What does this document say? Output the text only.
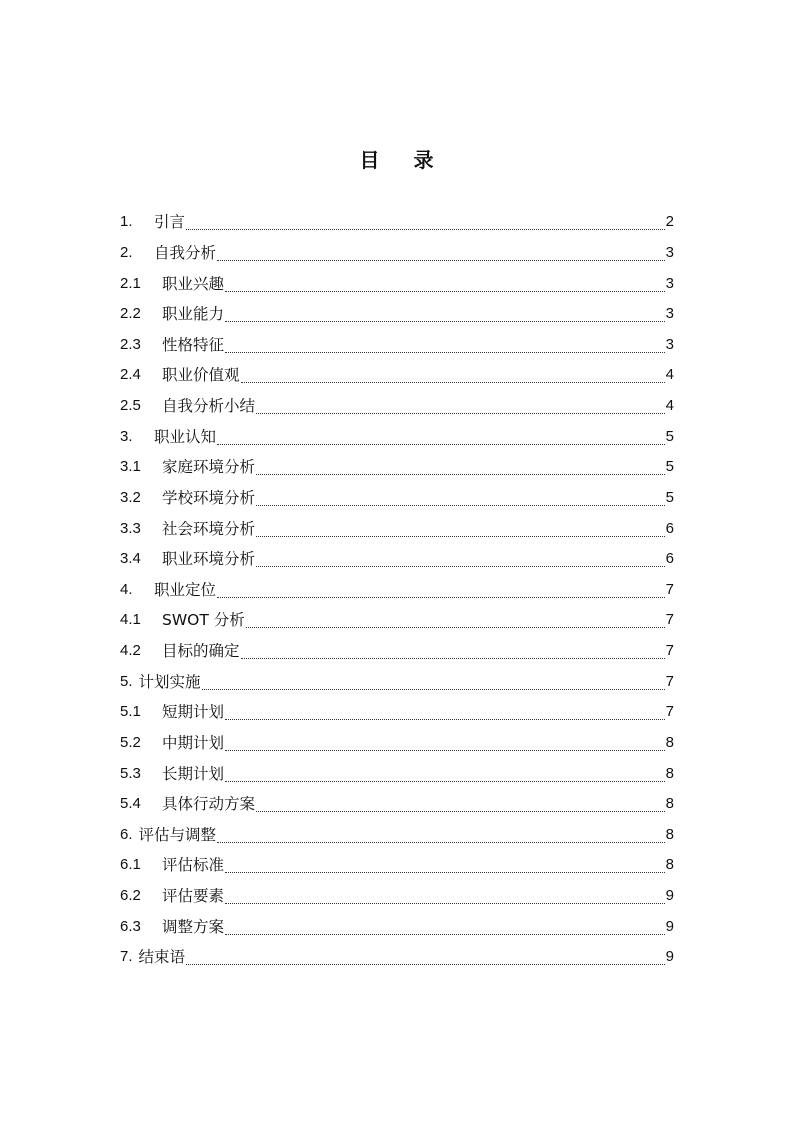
目 录
1.	引言	2
2.	自我分析	3
2.1	职业兴趣	3
2.2	职业能力	3
2.3	性格特征	3
2.4	职业价值观	4
2.5	自我分析小结	4
3.	职业认知	5
3.1	家庭环境分析	5
3.2	学校环境分析	5
3.3	社会环境分析	6
3.4	职业环境分析	6
4.	职业定位	7
4.1	SWOT 分析	7
4.2	目标的确定	7
5. 计划实施	7
5.1	短期计划	7
5.2	中期计划	8
5.3	长期计划	8
5.4	具体行动方案	8
6. 评估与调整	8
6.1	评估标准	8
6.2	评估要素	9
6.3	调整方案	9
7. 结束语	9
